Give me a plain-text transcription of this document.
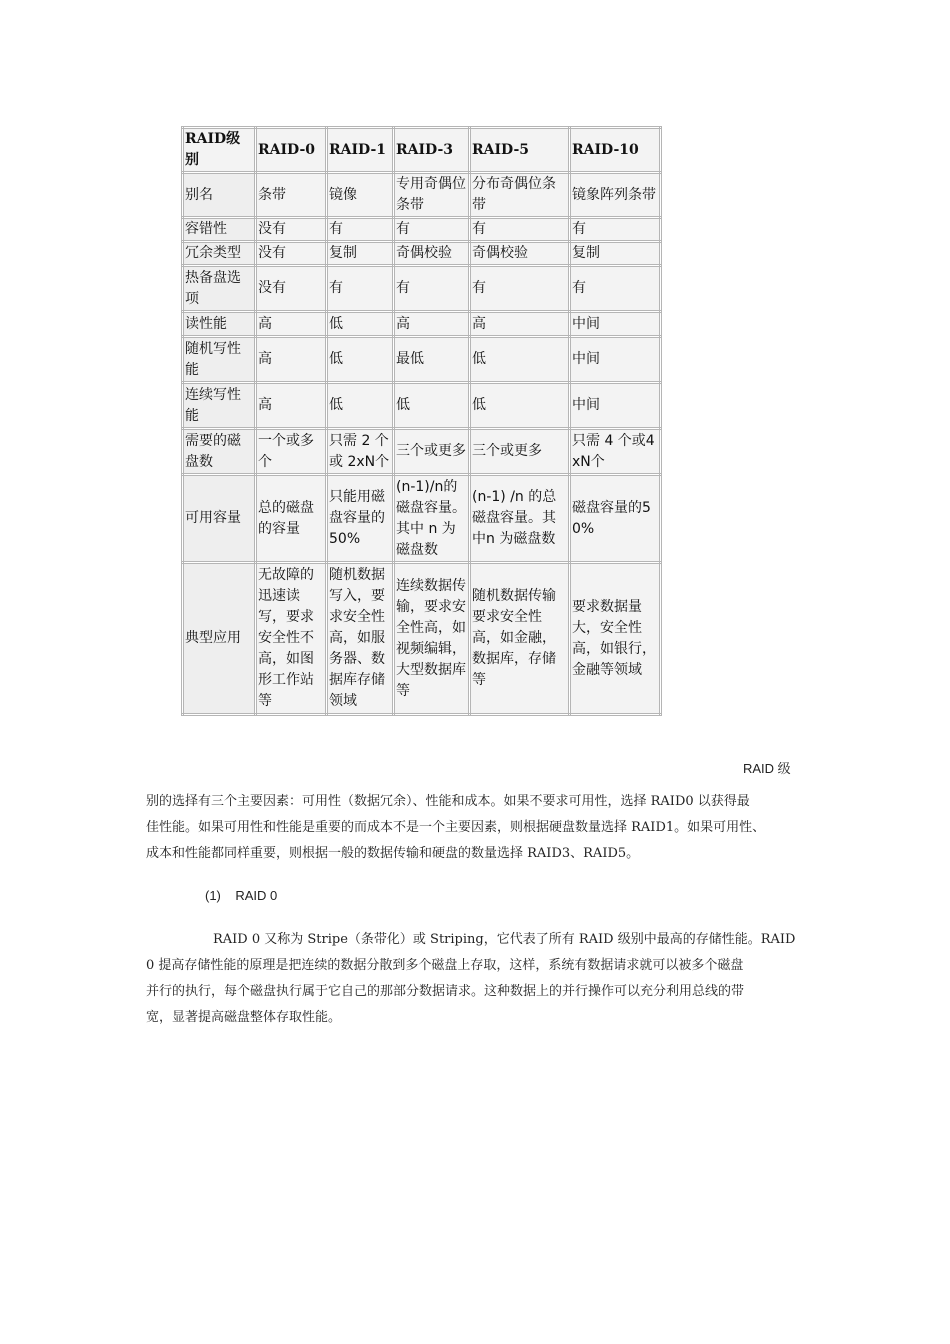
RAID级别	RAID-0	RAID-1	RAID-3	RAID-5	RAID-10
别名	条带	镜像	专用奇偶位条带	分布奇偶位条带	镜象阵列条带
容错性	没有	有	有	有	有
冗余类型	没有	复制	奇偶校验	奇偶校验	复制
热备盘选项	没有	有	有	有	有
读性能	高	低	高	高	中间
随机写性能	高	低	最低	低	中间
连续写性能	高	低	低	低	中间
需要的磁盘数	一个或多个	只需 2 个或 2xN个	三个或更多	三个或更多	只需 4 个或4xN个
可用容量	总的磁盘的容量	只能用磁盘容量的50%	(n-1)/n的磁盘容量。其中 n 为磁盘数	(n-1) /n 的总磁盘容量。其中n 为磁盘数	磁盘容量的50%
典型应用	无故障的迅速读写，要求安全性不高，如图形工作站等	随机数据写入，要求安全性高，如服务器、数据库存储领域	连续数据传输，要求安全性高，如视频编辑，大型数据库等	随机数据传输要求安全性高，如金融，数据库，存储等	要求数据量大，安全性高，如银行，金融等领域
RAID 级
别的选择有三个主要因素：可用性（数据冗余）、性能和成本。如果不要求可用性，选择 RAID0 以获得最
佳性能。如果可用性和性能是重要的而成本不是一个主要因素，则根据硬盘数量选择 RAID1。如果可用性、
成本和性能都同样重要，则根据一般的数据传输和硬盘的数量选择 RAID3、RAID5。
(1)    RAID 0
RAID 0 又称为 Stripe（条带化）或 Striping，它代表了所有 RAID 级别中最高的存储性能。RAID
0 提高存储性能的原理是把连续的数据分散到多个磁盘上存取，这样，系统有数据请求就可以被多个磁盘
并行的执行，每个磁盘执行属于它自己的那部分数据请求。这种数据上的并行操作可以充分利用总线的带
宽，显著提高磁盘整体存取性能。
